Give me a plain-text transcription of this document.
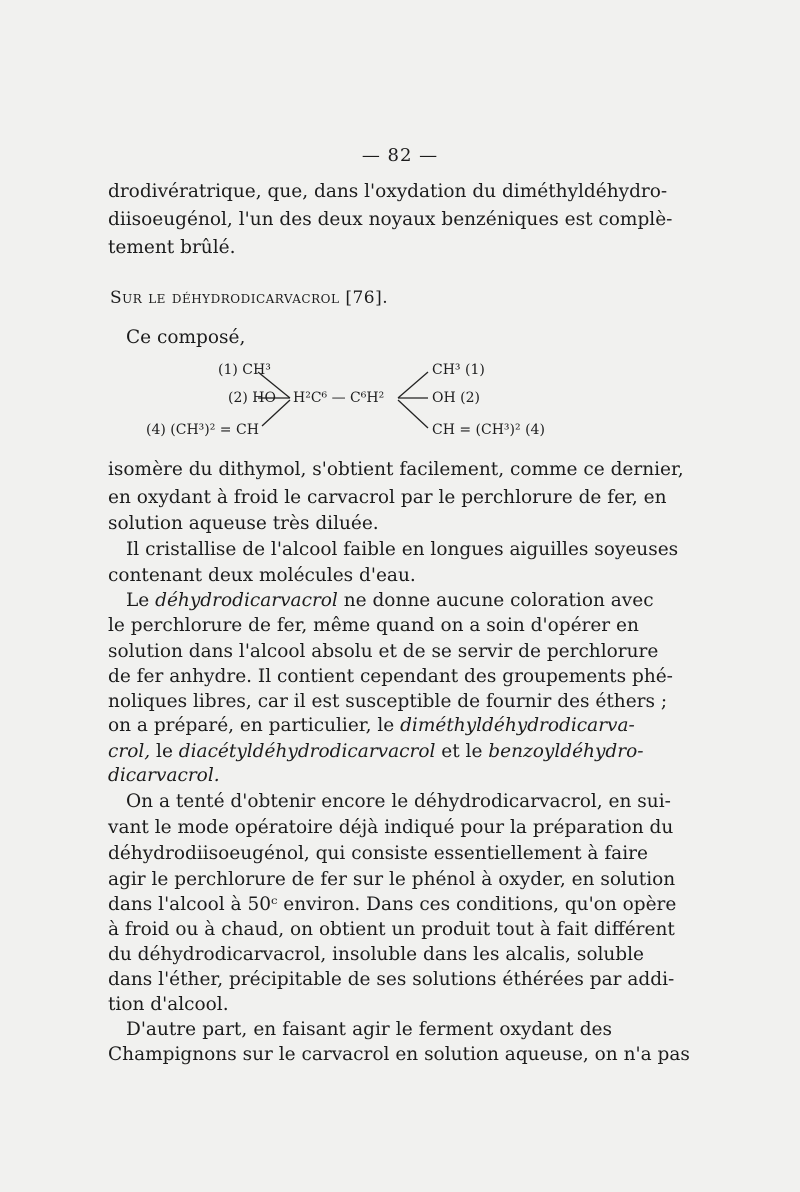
— 82 —
drodivératrique, que, dans l'oxydation du diméthyldéhydro-
diisoeugénol, l'un des deux noyaux benzéniques est complè-
tement brûlé.
Sur le déhydrodicarvacrol [76].
Ce composé,
(1) CH³
(2) HO
(4) (CH³)² = CH
H²C⁶ — C⁶H²
CH³ (1)
OH (2)
CH = (CH³)² (4)
isomère du dithymol, s'obtient facilement, comme ce dernier,
en oxydant à froid le carvacrol par le perchlorure de fer, en
solution aqueuse très diluée.
Il cristallise de l'alcool faible en longues aiguilles soyeuses
contenant deux molécules d'eau.
Le déhydrodicarvacrol ne donne aucune coloration avec
le perchlorure de fer, même quand on a soin d'opérer en
solution dans l'alcool absolu et de se servir de perchlorure
de fer anhydre. Il contient cependant des groupements phé-
noliques libres, car il est susceptible de fournir des éthers ;
on a préparé, en particulier, le diméthyldéhydrodicarva-
crol, le diacétyldéhydrodicarvacrol et le benzoyldéhydro-
dicarvacrol.
On a tenté d'obtenir encore le déhydrodicarvacrol, en sui-
vant le mode opératoire déjà indiqué pour la préparation du
déhydrodiisoeugénol, qui consiste essentiellement à faire
agir le perchlorure de fer sur le phénol à oxyder, en solution
dans l'alcool à 50ᶜ environ. Dans ces conditions, qu'on opère
à froid ou à chaud, on obtient un produit tout à fait différent
du déhydrodicarvacrol, insoluble dans les alcalis, soluble
dans l'éther, précipitable de ses solutions éthérées par addi-
tion d'alcool.
D'autre part, en faisant agir le ferment oxydant des
Champignons sur le carvacrol en solution aqueuse, on n'a pas
